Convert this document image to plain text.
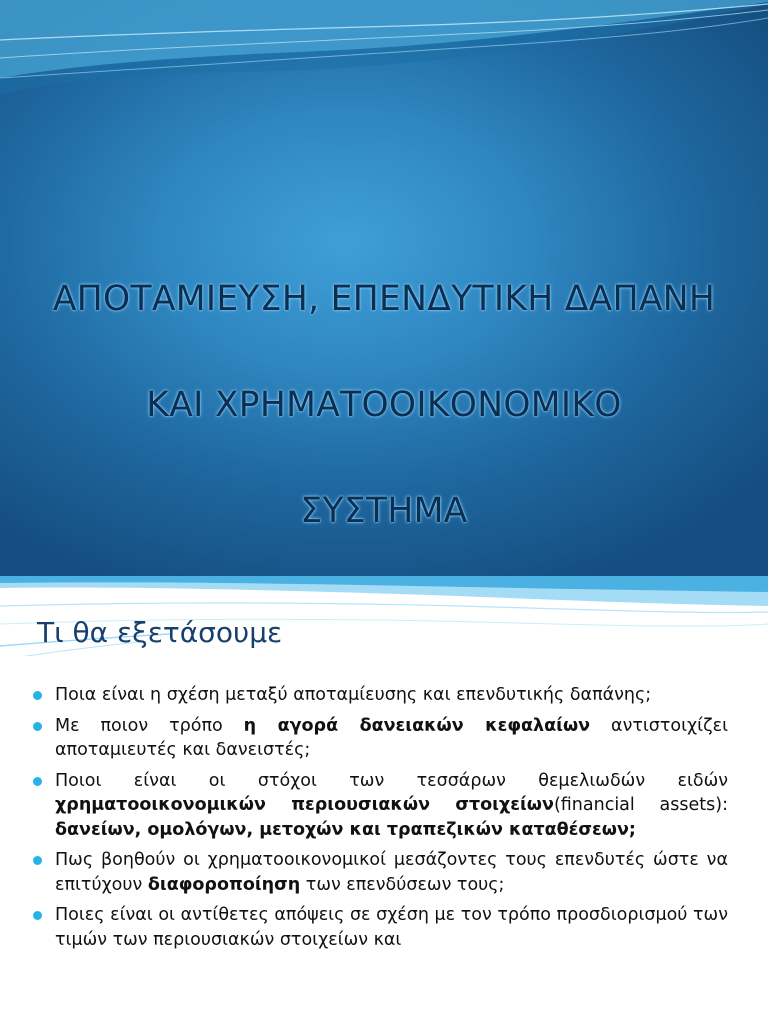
ΑΠΟΤΑΜΙΕΥΣΗ, ΕΠΕΝΔΥΤΙΚΗ ΔΑΠΑΝΗ

ΚΑΙ ΧΡΗΜΑΤΟΟΙΚΟΝΟΜΙΚΟ

ΣΥΣΤΗΜΑ

Τι θα εξετάσουμε
Ποια είναι η σχέση μεταξύ αποταμίευσης και επενδυτικής δαπάνης;
Με ποιον τρόπο η αγορά δανειακών κεφαλαίων αντιστοιχίζει αποταμιευτές και δανειστές;
Ποιοι είναι οι στόχοι των τεσσάρων θεμελιωδών ειδών χρηματοοικονομικών περιουσιακών στοιχείων(financial assets): δανείων, ομολόγων, μετοχών και τραπεζικών καταθέσεων;
Πως βοηθούν οι χρηματοοικονομικοί μεσάζοντες τους επενδυτές ώστε να επιτύχουν διαφοροποίηση των επενδύσεων τους;
Ποιες είναι οι αντίθετες απόψεις σε σχέση με τον τρόπο προσδιορισμού των τιμών των περιουσιακών στοιχείων και
